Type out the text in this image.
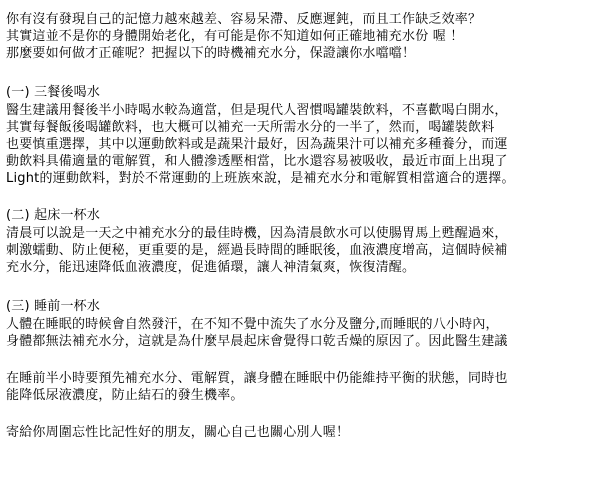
你有沒有發現自己的記憶力越來越差、容易呆滯、反應遲鈍，而且工作缺乏效率？
其實這並不是你的身體開始老化，有可能是你不知道如何正確地補充水份 喔 ！
那麼要如何做才正確呢？把握以下的時機補充水分，保證讓你水噹噹！
(一) 三餐後喝水
醫生建議用餐後半小時喝水較為適當，但是現代人習慣喝罐裝飲料，不喜歡喝白開水，
其實每餐飯後喝罐飲料，也大概可以補充一天所需水分的一半了，然而，喝罐裝飲料
也要慎重選擇，其中以運動飲料或是蔬果汁最好，因為蔬果汁可以補充多種養分，而運
動飲料具備適量的電解質，和人體滲透壓相當，比水還容易被吸收，最近市面上出現了
Light的運動飲料，對於不常運動的上班族來說，是補充水分和電解質相當適合的選擇。
(二) 起床一杯水
清晨可以說是一天之中補充水分的最佳時機，因為清晨飲水可以使腸胃馬上甦醒過來，
刺激蠕動、防止便秘，更重要的是，經過長時間的睡眠後，血液濃度增高，這個時候補
充水分，能迅速降低血液濃度，促進循環，讓人神清氣爽，恢復清醒。
(三) 睡前一杯水
人體在睡眠的時候會自然發汗，在不知不覺中流失了水分及鹽分,而睡眠的八小時內，
身體都無法補充水分，這就是為什麼早晨起床會覺得口乾舌燥的原因了。因此醫生建議
在睡前半小時要預先補充水分、電解質，讓身體在睡眠中仍能維持平衡的狀態，同時也
能降低尿液濃度，防止結石的發生機率。
寄給你周圍忘性比記性好的朋友，關心自己也關心別人喔！
